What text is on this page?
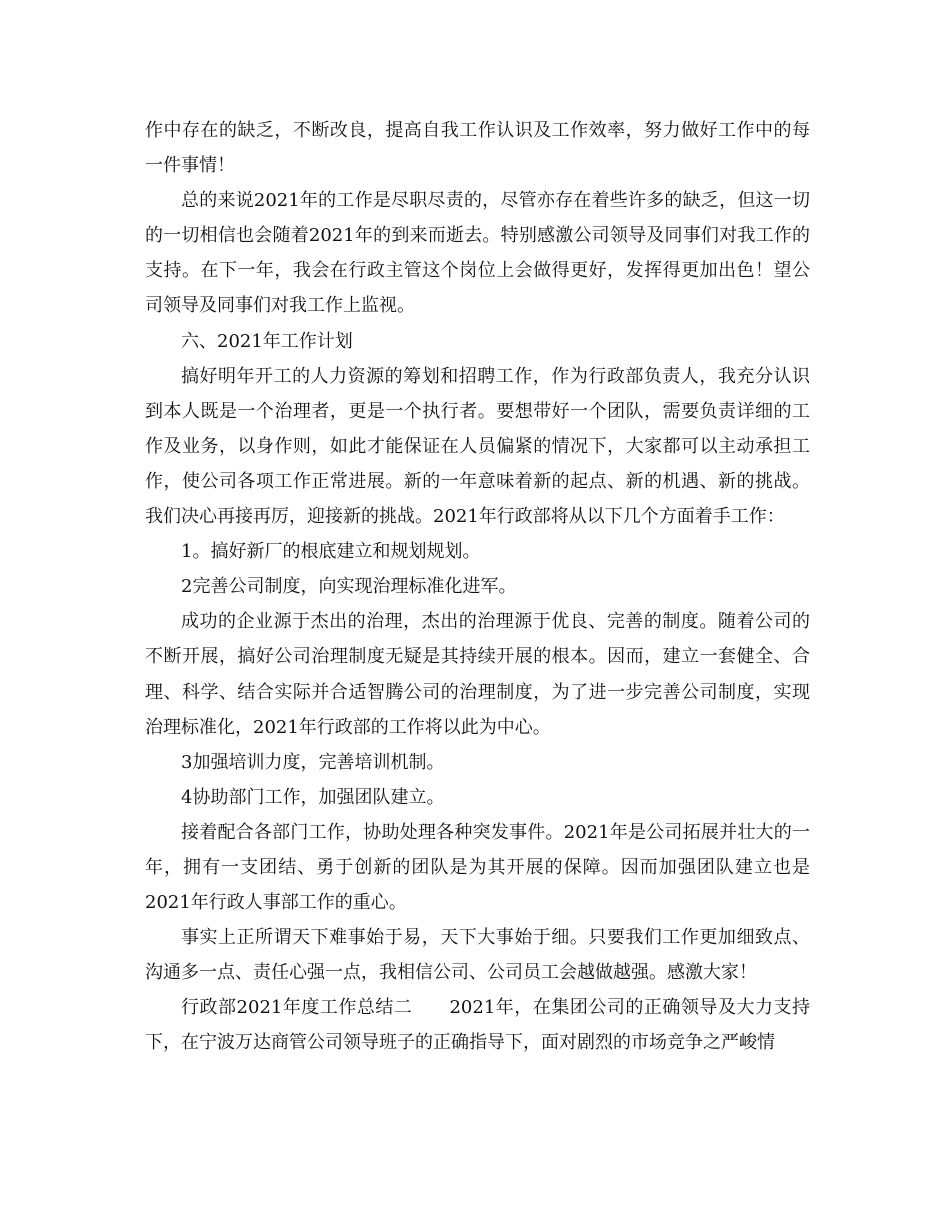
作中存在的缺乏，不断改良，提高自我工作认识及工作效率，努力做好工作中的每一件事情！

总的来说2021年的工作是尽职尽责的，尽管亦存在着些许多的缺乏，但这一切的一切相信也会随着2021年的到来而逝去。特别感激公司领导及同事们对我工作的支持。在下一年，我会在行政主管这个岗位上会做得更好，发挥得更加出色！望公司领导及同事们对我工作上监视。

六、2021年工作计划

搞好明年开工的人力资源的筹划和招聘工作，作为行政部负责人，我充分认识到本人既是一个治理者，更是一个执行者。要想带好一个团队，需要负责详细的工作及业务，以身作则，如此才能保证在人员偏紧的情况下，大家都可以主动承担工作，使公司各项工作正常进展。新的一年意味着新的起点、新的机遇、新的挑战。我们决心再接再厉，迎接新的挑战。2021年行政部将从以下几个方面着手工作：

1。搞好新厂的根底建立和规划规划。

2完善公司制度，向实现治理标准化进军。

成功的企业源于杰出的治理，杰出的治理源于优良、完善的制度。随着公司的不断开展，搞好公司治理制度无疑是其持续开展的根本。因而，建立一套健全、合理、科学、结合实际并合适智腾公司的治理制度，为了进一步完善公司制度，实现治理标准化，2021年行政部的工作将以此为中心。

3加强培训力度，完善培训机制。

4协助部门工作，加强团队建立。

接着配合各部门工作，协助处理各种突发事件。2021年是公司拓展并壮大的一年，拥有一支团结、勇于创新的团队是为其开展的保障。因而加强团队建立也是2021年行政人事部工作的重心。

事实上正所谓天下难事始于易，天下大事始于细。只要我们工作更加细致点、沟通多一点、责任心强一点，我相信公司、公司员工会越做越强。感激大家！

行政部2021年度工作总结二　　2021年，在集团公司的正确领导及大力支持下，在宁波万达商管公司领导班子的正确指导下，面对剧烈的市场竞争之严峻情
